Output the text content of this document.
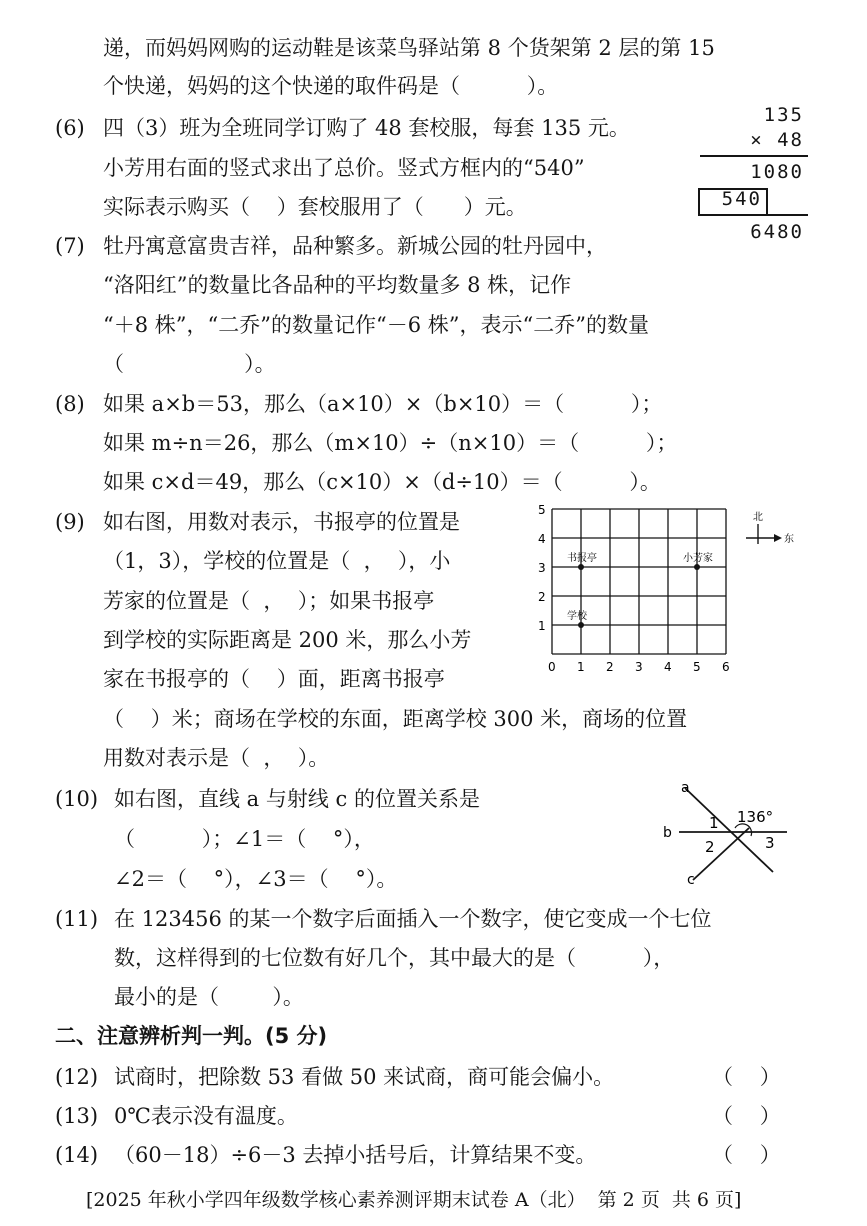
递，而妈妈网购的运动鞋是该菜鸟驿站第 8 个货架第 2 层的第 15
个快递，妈妈的这个快递的取件码是（          ）。
(6) 四（3）班为全班同学订购了 48 套校服，每套 135 元。
小芳用右面的竖式求出了总价。竖式方框内的“540”
实际表示购买（    ）套校服用了（      ）元。
(7) 牡丹寓意富贵吉祥，品种繁多。新城公园的牡丹园中，
“洛阳红”的数量比各品种的平均数量多 8 株，记作
“＋8 株”，“二乔”的数量记作“－6 株”，表示“二乔”的数量
（                  ）。
(8) 如果 a×b＝53，那么（a×10）×（b×10）＝（          ）；
如果 m÷n＝26，那么（m×10）÷（n×10）＝（          ）；
如果 c×d＝49，那么（c×10）×（d÷10）＝（          ）。
(9) 如右图，用数对表示，书报亭的位置是
（1，3），学校的位置是（  ，  ），小
芳家的位置是（  ，  ）；如果书报亭
到学校的实际距离是 200 米，那么小芳
家在书报亭的（    ）面，距离书报亭
（    ）米；商场在学校的东面，距离学校 300 米，商场的位置
用数对表示是（  ，  ）。
(10) 如右图，直线 a 与射线 c 的位置关系是
（          ）；∠1＝（    °），
∠2＝（    °），∠3＝（    °）。
(11) 在 123456 的某一个数字后面插入一个数字，使它变成一个七位
数，这样得到的七位数有好几个，其中最大的是（          ），
最小的是（        ）。
二、注意辨析判一判。(5 分)
(12) 试商时，把除数 53 看做 50 来试商，商可能会偏小。	（    ）
(13) 0℃表示没有温度。	（    ）
(14) （60－18）÷6－3 去掉小括号后，计算结果不变。	（    ）
[2025 年秋小学四年级数学核心素养测评期末试卷 A（北）  第 2 页  共 6 页]
135
× 48
1080
540
6480
0 1 2 3 4 5 6
1
2
3
4
5
书报亭
学校
小芳家
北
东
a
b
c
136°
1
2	3
